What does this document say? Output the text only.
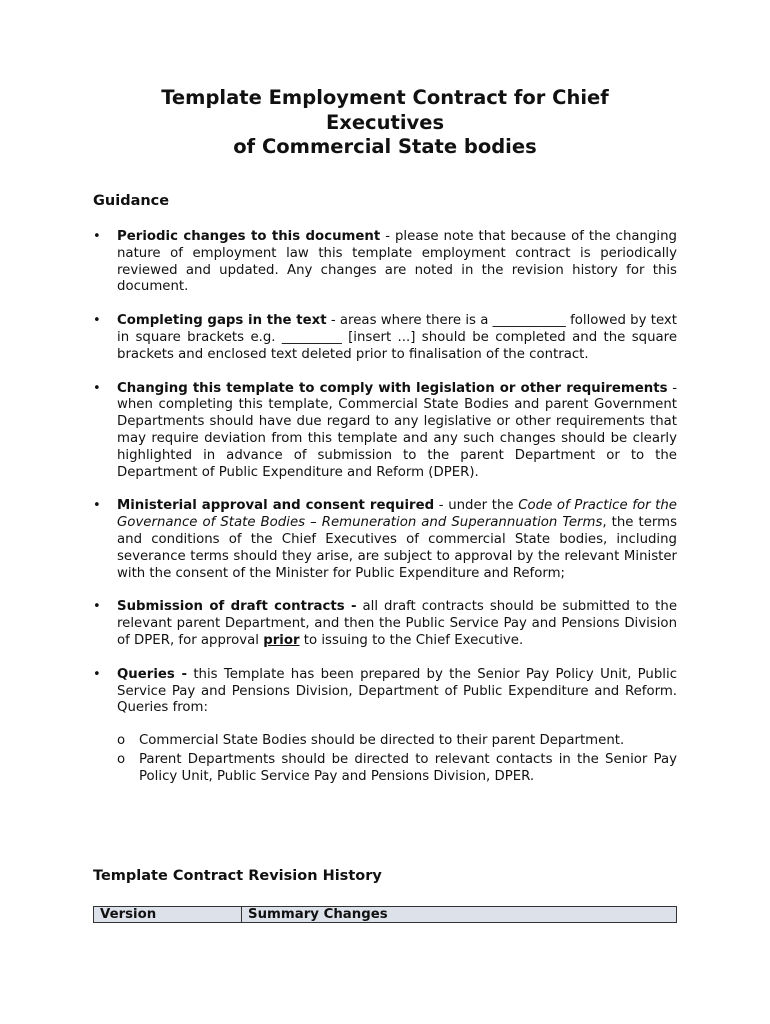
Template Employment Contract for Chief
Executives
of Commercial State bodies
Guidance
• Periodic changes to this document - please note that because of the changing nature of employment law this template employment contract is periodically reviewed and updated. Any changes are noted in the revision history for this document.
• Completing gaps in the text - areas where there is a ___________ followed by text in square brackets e.g. _________ [insert ...] should be completed and the square brackets and enclosed text deleted prior to finalisation of the contract.
• Changing this template to comply with legislation or other requirements - when completing this template, Commercial State Bodies and parent Government Departments should have due regard to any legislative or other requirements that may require deviation from this template and any such changes should be clearly highlighted in advance of submission to the parent Department or to the Department of Public Expenditure and Reform (DPER).
• Ministerial approval and consent required - under the Code of Practice for the Governance of State Bodies – Remuneration and Superannuation Terms, the terms and conditions of the Chief Executives of commercial State bodies, including severance terms should they arise, are subject to approval by the relevant Minister with the consent of the Minister for Public Expenditure and Reform;
• Submission of draft contracts - all draft contracts should be submitted to the relevant parent Department, and then the Public Service Pay and Pensions Division of DPER, for approval prior to issuing to the Chief Executive.
• Queries - this Template has been prepared by the Senior Pay Policy Unit, Public Service Pay and Pensions Division, Department of Public Expenditure and Reform. Queries from:
o Commercial State Bodies should be directed to their parent Department.
o Parent Departments should be directed to relevant contacts in the Senior Pay Policy Unit, Public Service Pay and Pensions Division, DPER.
Template Contract Revision History
Version	Summary Changes
